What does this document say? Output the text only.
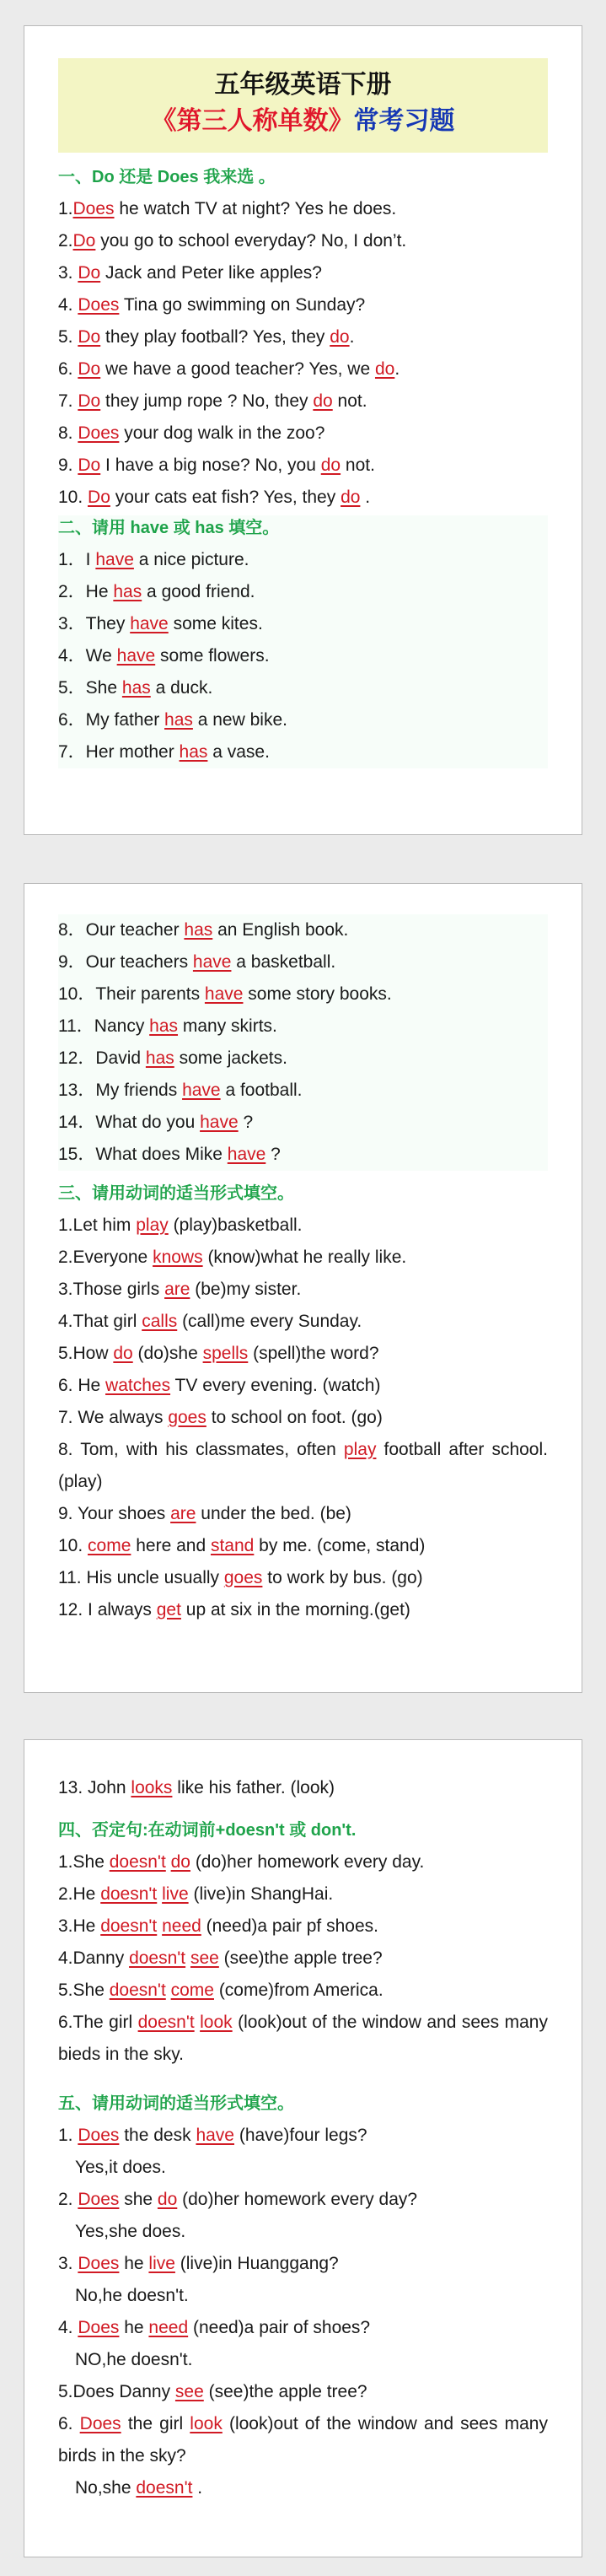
五年级英语下册
《第三人称单数》常考习题
一、Do 还是 Does 我来选 。
1.Does he watch TV at night? Yes he does.
2.Do you go to school everyday? No, I don’t.
3. Do Jack and Peter like apples?
4. Does Tina go swimming on Sunday?
5. Do they play football? Yes, they do.
6. Do we have a good teacher? Yes, we do.
7. Do they jump rope ? No, they do not.
8. Does your dog walk in the zoo?
9. Do I have a big nose? No, you do not.
10. Do your cats eat fish? Yes, they do .
二、请用 have 或 has 填空。
1．I have a nice picture.
2．He has a good friend.
3．They have some kites.
4．We have some flowers.
5．She has a duck.
6．My father has a new bike.
7．Her mother has a vase.
8．Our teacher has an English book.
9．Our teachers have a basketball.
10．Their parents have some story books.
11．Nancy has many skirts.
12．David has some jackets.
13．My friends have a football.
14．What do you have ?
15．What does Mike have ?
三、请用动词的适当形式填空。
1.Let him play (play)basketball.
2.Everyone knows (know)what he really like.
3.Those girls are (be)my sister.
4.That girl calls (call)me every Sunday.
5.How do (do)she spells (spell)the word?
6. He watches TV every evening. (watch)
7. We always goes to school on foot. (go)
8. Tom, with his classmates, often play football after school. (play)
9. Your shoes are under the bed. (be)
10. come here and stand by me. (come, stand)
11. His uncle usually goes to work by bus. (go)
12. I always get up at six in the morning.(get)
13. John looks like his father. (look)
四、否定句:在动词前+doesn't 或 don't.
1.She doesn't do (do)her homework every day.
2.He doesn't live (live)in ShangHai.
3.He doesn't need (need)a pair pf shoes.
4.Danny doesn't see (see)the apple tree?
5.She doesn't come (come)from America.
6.The girl doesn't look (look)out of the window and sees many bieds in the sky.
五、请用动词的适当形式填空。
1. Does the desk have (have)four legs?
Yes,it does.
2. Does she do (do)her homework every day?
Yes,she does.
3. Does he live (live)in Huanggang?
No,he doesn't.
4. Does he need (need)a pair of shoes?
NO,he doesn't.
5.Does Danny see (see)the apple tree?
6. Does the girl look (look)out of the window and sees many birds in the sky?
No,she doesn't .
